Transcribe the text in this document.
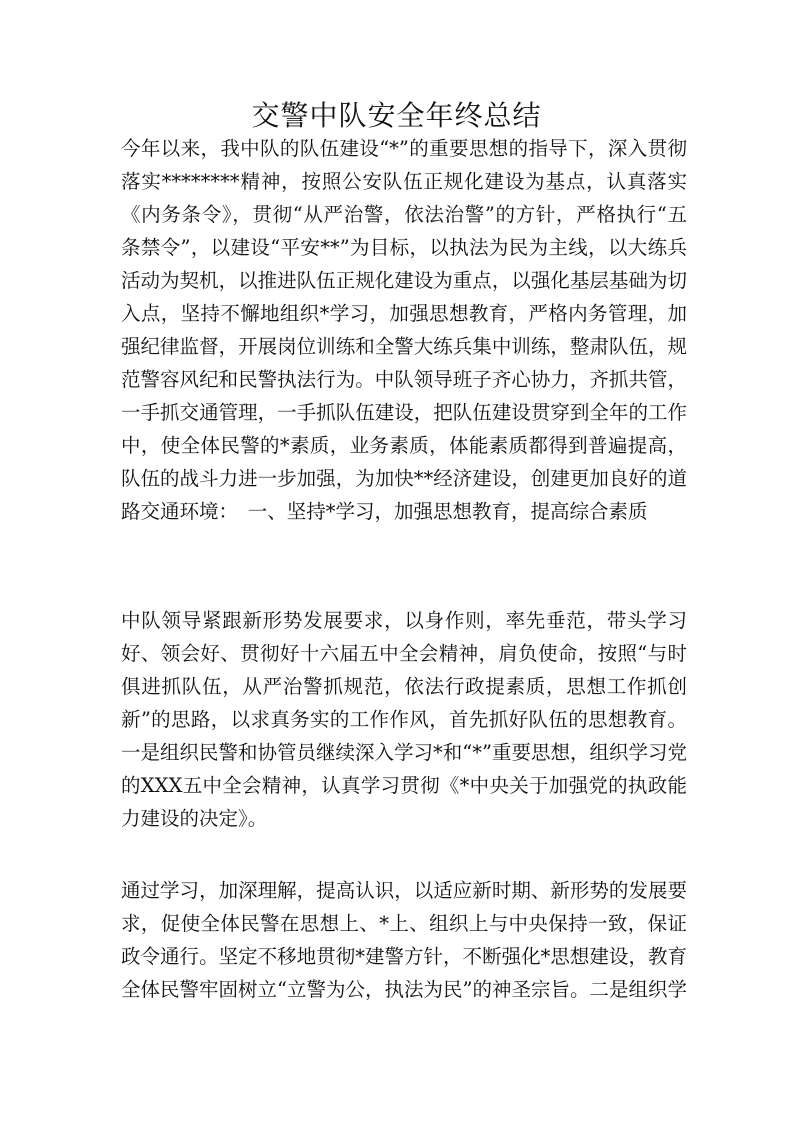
交警中队安全年终总结

今年以来，我中队的队伍建设“*”的重要思想的指导下，深入贯彻落实********精神，按照公安队伍正规化建设为基点，认真落实《内务条令》，贯彻“从严治警，依法治警”的方针，严格执行“五条禁令”，以建设“平安**”为目标，以执法为民为主线，以大练兵活动为契机，以推进队伍正规化建设为重点，以强化基层基础为切入点，坚持不懈地组织*学习，加强思想教育，严格内务管理，加强纪律监督，开展岗位训练和全警大练兵集中训练，整肃队伍，规范警容风纪和民警执法行为。中队领导班子齐心协力，齐抓共管，一手抓交通管理，一手抓队伍建设，把队伍建设贯穿到全年的工作中，使全体民警的*素质，业务素质，体能素质都得到普遍提高，队伍的战斗力进一步加强，为加快**经济建设，创建更加良好的道路交通环境：　一、坚持*学习，加强思想教育，提高综合素质

中队领导紧跟新形势发展要求，以身作则，率先垂范，带头学习好、领会好、贯彻好十六届五中全会精神，肩负使命，按照“与时俱进抓队伍，从严治警抓规范，依法行政提素质，思想工作抓创新”的思路，以求真务实的工作作风，首先抓好队伍的思想教育。一是组织民警和协管员继续深入学习*和“*”重要思想，组织学习党的XXX五中全会精神，认真学习贯彻《*中央关于加强党的执政能力建设的决定》。

通过学习，加深理解，提高认识，以适应新时期、新形势的发展要求，促使全体民警在思想上、*上、组织上与中央保持一致，保证政令通行。坚定不移地贯彻*建警方针，不断强化*思想建设，教育全体民警牢固树立“立警为公，执法为民”的神圣宗旨。二是组织学
